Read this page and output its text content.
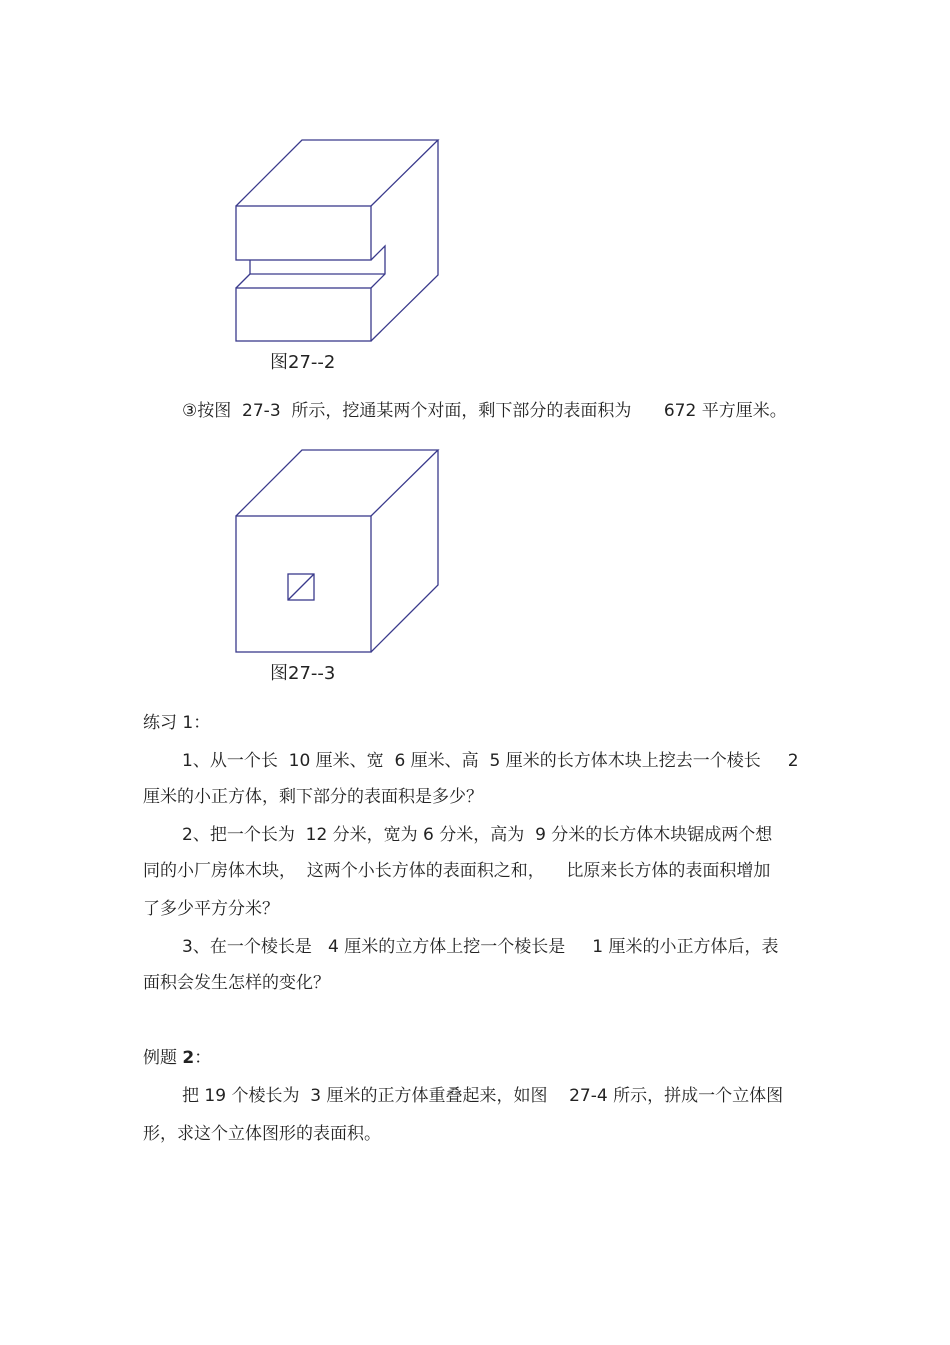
图27--2
③按图  27-3  所示，挖通某两个对面，剩下部分的表面积为      672 平方厘米。
图27--3
练习 1：
1、从一个长  10 厘米、宽  6 厘米、高  5 厘米的长方体木块上挖去一个棱长     2
厘米的小正方体，剩下部分的表面积是多少？
2、把一个长为  12 分米，宽为 6 分米，高为  9 分米的长方体木块锯成两个想
同的小厂房体木块，  这两个小长方体的表面积之和，    比原来长方体的表面积增加
了多少平方分米？
3、在一个棱长是   4 厘米的立方体上挖一个棱长是     1 厘米的小正方体后，表
面积会发生怎样的变化？
例题 2：
把 19 个棱长为  3 厘米的正方体重叠起来，如图    27-4 所示，拼成一个立体图
形，求这个立体图形的表面积。
